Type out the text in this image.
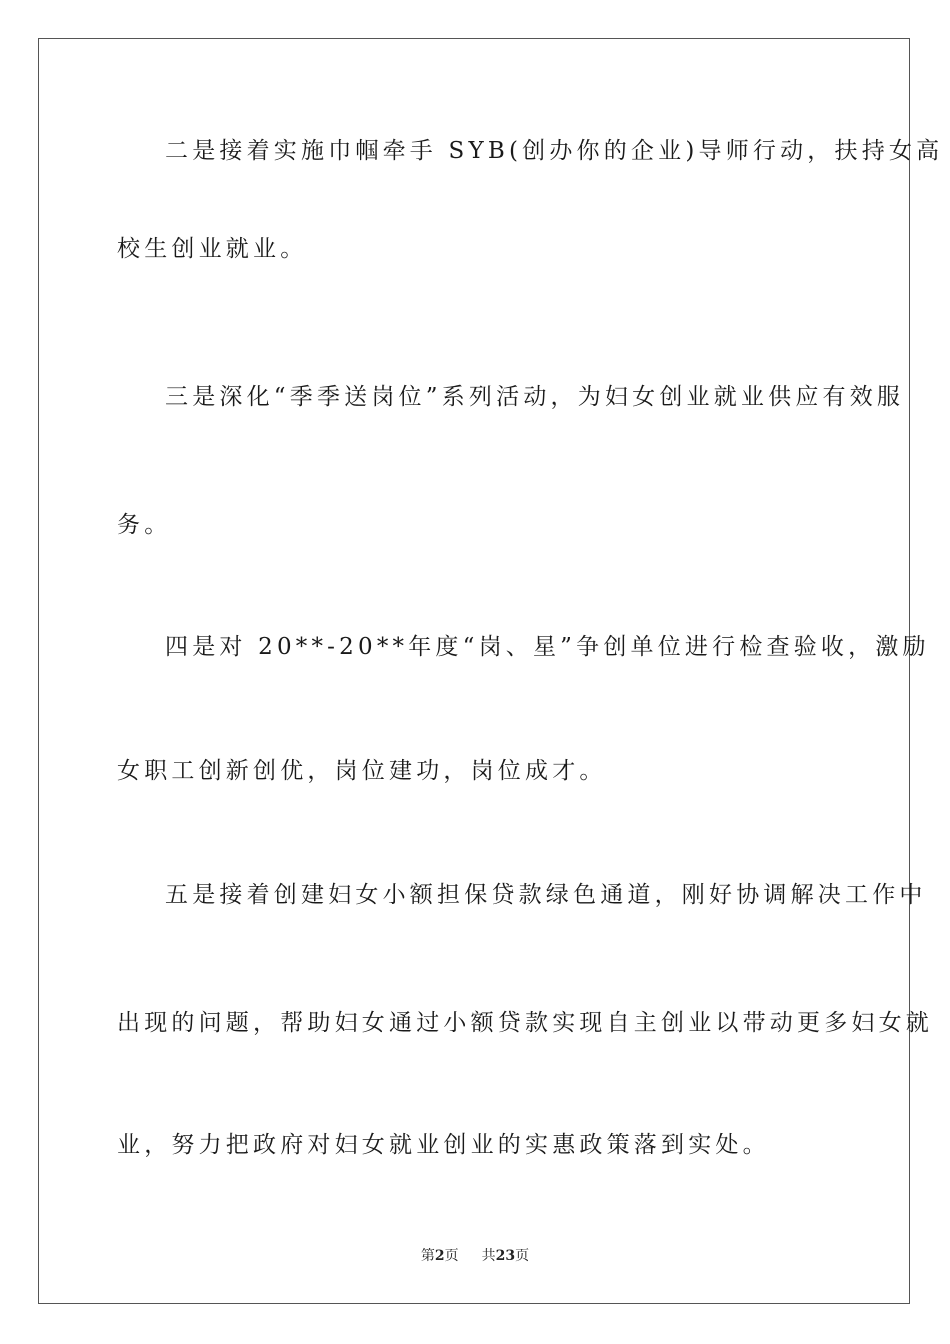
二是接着实施巾帼牵手 SYB(创办你的企业)导师行动，扶持女高
校生创业就业。
三是深化“季季送岗位”系列活动，为妇女创业就业供应有效服
务。
四是对 20**-20**年度“岗、星”争创单位进行检查验收，激励
女职工创新创优，岗位建功，岗位成才。
五是接着创建妇女小额担保贷款绿色通道，刚好协调解决工作中
出现的问题，帮助妇女通过小额贷款实现自主创业以带动更多妇女就
业，努力把政府对妇女就业创业的实惠政策落到实处。
第2页 共23页
